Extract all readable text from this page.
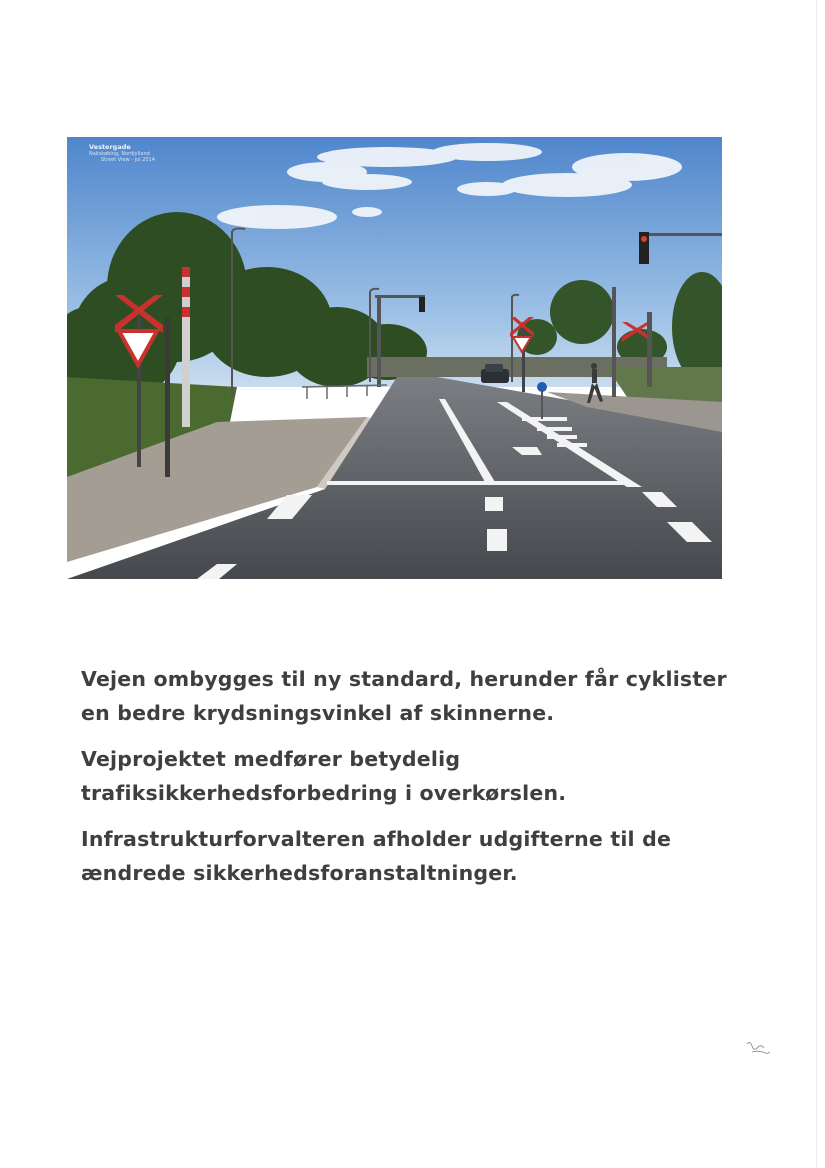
Vestergade
Nakskøbing, Nordjylland
Street View - jul 2014

Vejen ombygges til ny standard, herunder får cyklister
en bedre krydsningsvinkel af skinnerne.

Vejprojektet medfører betydelig
trafiksikkerhedsforbedring i overkørslen.

Infrastrukturforvalteren afholder udgifterne til de
ændrede sikkerhedsforanstaltninger.
